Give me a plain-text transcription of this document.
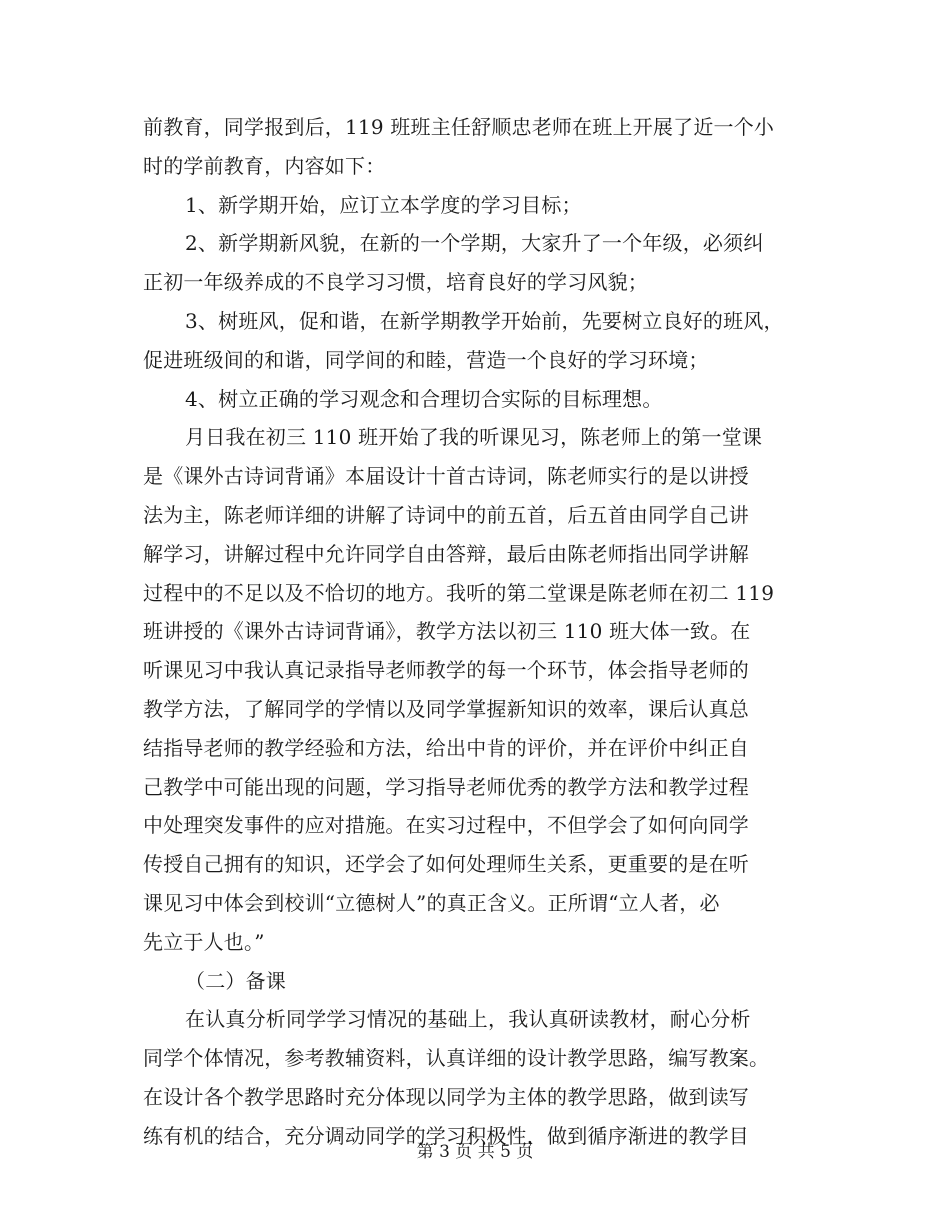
前教育，同学报到后，119 班班主任舒顺忠老师在班上开展了近一个小
时的学前教育，内容如下：
1、新学期开始，应订立本学度的学习目标；
2、新学期新风貌，在新的一个学期，大家升了一个年级，必须纠
正初一年级养成的不良学习习惯，培育良好的学习风貌；
3、树班风，促和谐，在新学期教学开始前，先要树立良好的班风，
促进班级间的和谐，同学间的和睦，营造一个良好的学习环境；
4、树立正确的学习观念和合理切合实际的目标理想。
月日我在初三 110 班开始了我的听课见习，陈老师上的第一堂课
是《课外古诗词背诵》本届设计十首古诗词，陈老师实行的是以讲授
法为主，陈老师详细的讲解了诗词中的前五首，后五首由同学自己讲
解学习，讲解过程中允许同学自由答辩，最后由陈老师指出同学讲解
过程中的不足以及不恰切的地方。我听的第二堂课是陈老师在初二 119
班讲授的《课外古诗词背诵》，教学方法以初三 110 班大体一致。在
听课见习中我认真记录指导老师教学的每一个环节，体会指导老师的
教学方法，了解同学的学情以及同学掌握新知识的效率，课后认真总
结指导老师的教学经验和方法，给出中肯的评价，并在评价中纠正自
己教学中可能出现的问题，学习指导老师优秀的教学方法和教学过程
中处理突发事件的应对措施。在实习过程中，不但学会了如何向同学
传授自己拥有的知识，还学会了如何处理师生关系，更重要的是在听
课见习中体会到校训“立德树人”的真正含义。正所谓“立人者，必
先立于人也。”
（二）备课
在认真分析同学学习情况的基础上，我认真研读教材，耐心分析
同学个体情况，参考教辅资料，认真详细的设计教学思路，编写教案。
在设计各个教学思路时充分体现以同学为主体的教学思路，做到读写
练有机的结合，充分调动同学的学习积极性，做到循序渐进的教学目
第 3 页 共 5 页
